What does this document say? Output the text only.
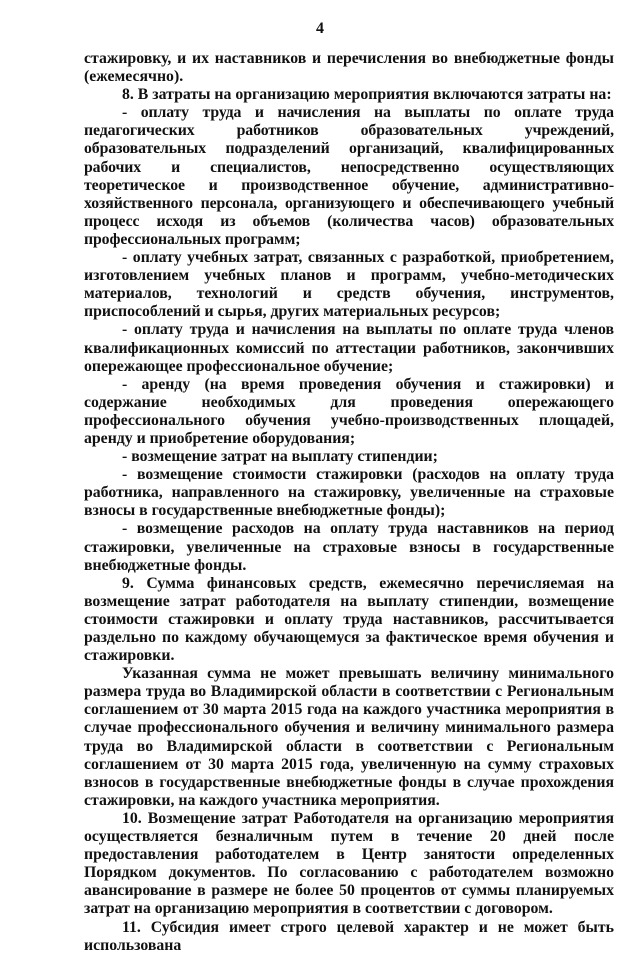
4

стажировку, и их наставников и перечисления во внебюджетные фонды (ежемесячно).

8. В затраты на организацию мероприятия включаются затраты на:

- оплату труда и начисления на выплаты по оплате труда педагогических работников образовательных учреждений, образовательных подразделений организаций, квалифицированных рабочих и специалистов, непосредственно осуществляющих теоретическое и производственное обучение, административно-хозяйственного персонала, организующего и обеспечивающего учебный процесс исходя из объемов (количества часов) образовательных профессиональных программ;

- оплату учебных затрат, связанных с разработкой, приобретением, изготовлением учебных планов и программ, учебно-методических материалов, технологий и средств обучения, инструментов, приспособлений и сырья, других материальных ресурсов;

- оплату труда и начисления на выплаты по оплате труда членов квалификационных комиссий по аттестации работников, закончивших опережающее профессиональное обучение;

- аренду (на время проведения обучения и стажировки) и содержание необходимых для проведения опережающего профессионального обучения учебно-производственных площадей, аренду и приобретение оборудования;

- возмещение затрат на выплату стипендии;

- возмещение стоимости стажировки (расходов на оплату труда работника, направленного на стажировку, увеличенные на страховые взносы в государственные внебюджетные фонды);

- возмещение расходов на оплату труда наставников на период стажировки, увеличенные на страховые взносы в государственные внебюджетные фонды.

9. Сумма финансовых средств, ежемесячно перечисляемая на возмещение затрат работодателя на выплату стипендии, возмещение стоимости стажировки и оплату труда наставников, рассчитывается раздельно по каждому обучающемуся за фактическое время обучения и стажировки.

Указанная сумма не может превышать величину минимального размера труда во Владимирской области в соответствии с Региональным соглашением от 30 марта 2015 года на каждого участника мероприятия в случае профессионального обучения и величину минимального размера труда во Владимирской области в соответствии с Региональным соглашением от 30 марта 2015 года, увеличенную на сумму страховых взносов в государственные внебюджетные фонды в случае прохождения стажировки, на каждого участника мероприятия.

10. Возмещение затрат Работодателя на организацию мероприятия осуществляется безналичным путем в течение 20 дней после предоставления работодателем в Центр занятости определенных Порядком документов. По согласованию с работодателем возможно авансирование в размере не более 50 процентов от суммы планируемых затрат на организацию мероприятия в соответствии с договором.

11. Субсидия имеет строго целевой характер и не может быть использована
